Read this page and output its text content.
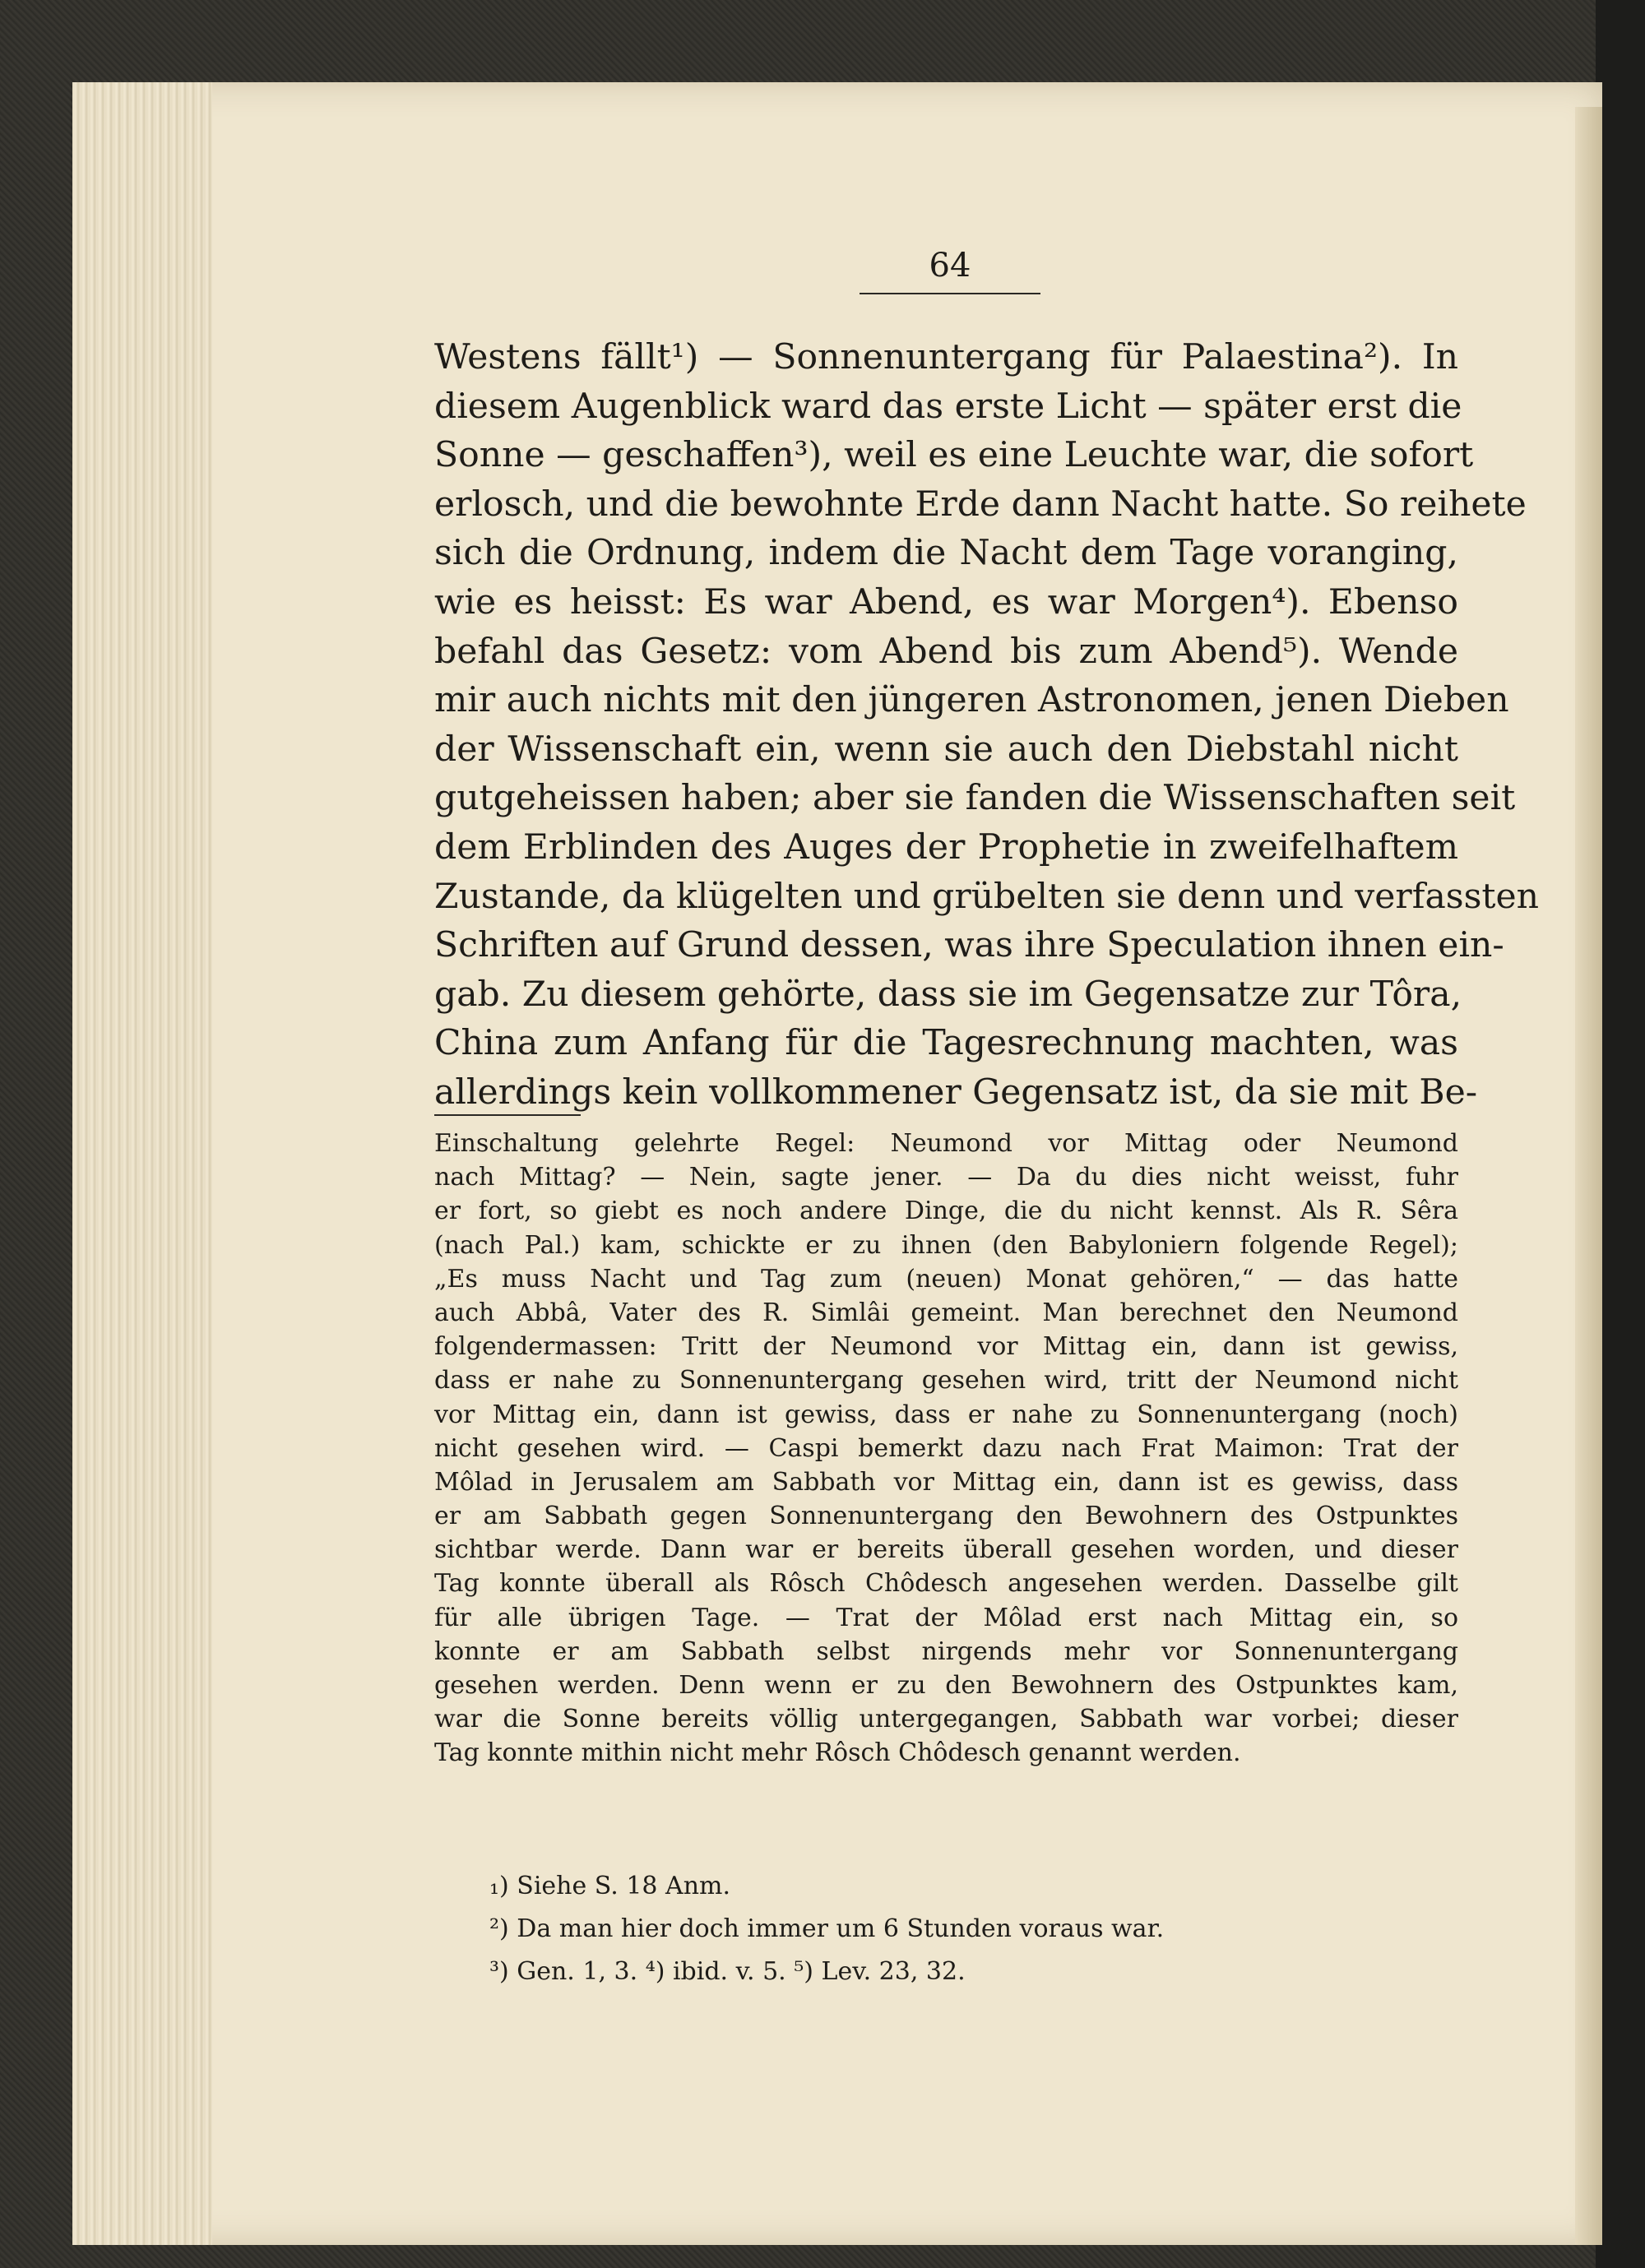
64
Westens fällt¹) — Sonnenuntergang für Palaestina²). In
diesem Augenblick ward das erste Licht — später erst die
Sonne — geschaffen³), weil es eine Leuchte war, die sofort
erlosch, und die bewohnte Erde dann Nacht hatte. So reihete
sich die Ordnung, indem die Nacht dem Tage voranging,
wie es heisst: Es war Abend, es war Morgen⁴). Ebenso
befahl das Gesetz: vom Abend bis zum Abend⁵). Wende
mir auch nichts mit den jüngeren Astronomen, jenen Dieben
der Wissenschaft ein, wenn sie auch den Diebstahl nicht
gutgeheissen haben; aber sie fanden die Wissenschaften seit
dem Erblinden des Auges der Prophetie in zweifelhaftem
Zustande, da klügelten und grübelten sie denn und verfassten
Schriften auf Grund dessen, was ihre Speculation ihnen ein-
gab. Zu diesem gehörte, dass sie im Gegensatze zur Tôra,
China zum Anfang für die Tagesrechnung machten, was
allerdings kein vollkommener Gegensatz ist, da sie mit Be-
Einschaltung gelehrte Regel: Neumond vor Mittag oder Neumond
nach Mittag? — Nein, sagte jener. — Da du dies nicht weisst, fuhr
er fort, so giebt es noch andere Dinge, die du nicht kennst. Als R. Sêra
(nach Pal.) kam, schickte er zu ihnen (den Babyloniern folgende Regel);
„Es muss Nacht und Tag zum (neuen) Monat gehören,“ — das hatte
auch Abbâ, Vater des R. Simlâi gemeint. Man berechnet den Neumond
folgendermassen: Tritt der Neumond vor Mittag ein, dann ist gewiss,
dass er nahe zu Sonnenuntergang gesehen wird, tritt der Neumond nicht
vor Mittag ein, dann ist gewiss, dass er nahe zu Sonnenuntergang (noch)
nicht gesehen wird. — Caspi bemerkt dazu nach Frat Maimon: Trat der
Môlad in Jerusalem am Sabbath vor Mittag ein, dann ist es gewiss, dass
er am Sabbath gegen Sonnenuntergang den Bewohnern des Ostpunktes
sichtbar werde. Dann war er bereits überall gesehen worden, und dieser
Tag konnte überall als Rôsch Chôdesch angesehen werden. Dasselbe gilt
für alle übrigen Tage. — Trat der Môlad erst nach Mittag ein, so
konnte er am Sabbath selbst nirgends mehr vor Sonnenuntergang
gesehen werden. Denn wenn er zu den Bewohnern des Ostpunktes kam,
war die Sonne bereits völlig untergegangen, Sabbath war vorbei; dieser
Tag konnte mithin nicht mehr Rôsch Chôdesch genannt werden.
₁) Siehe S. 18 Anm.
²) Da man hier doch immer um 6 Stunden voraus war.
³) Gen. 1, 3. ⁴) ibid. v. 5. ⁵) Lev. 23, 32.
